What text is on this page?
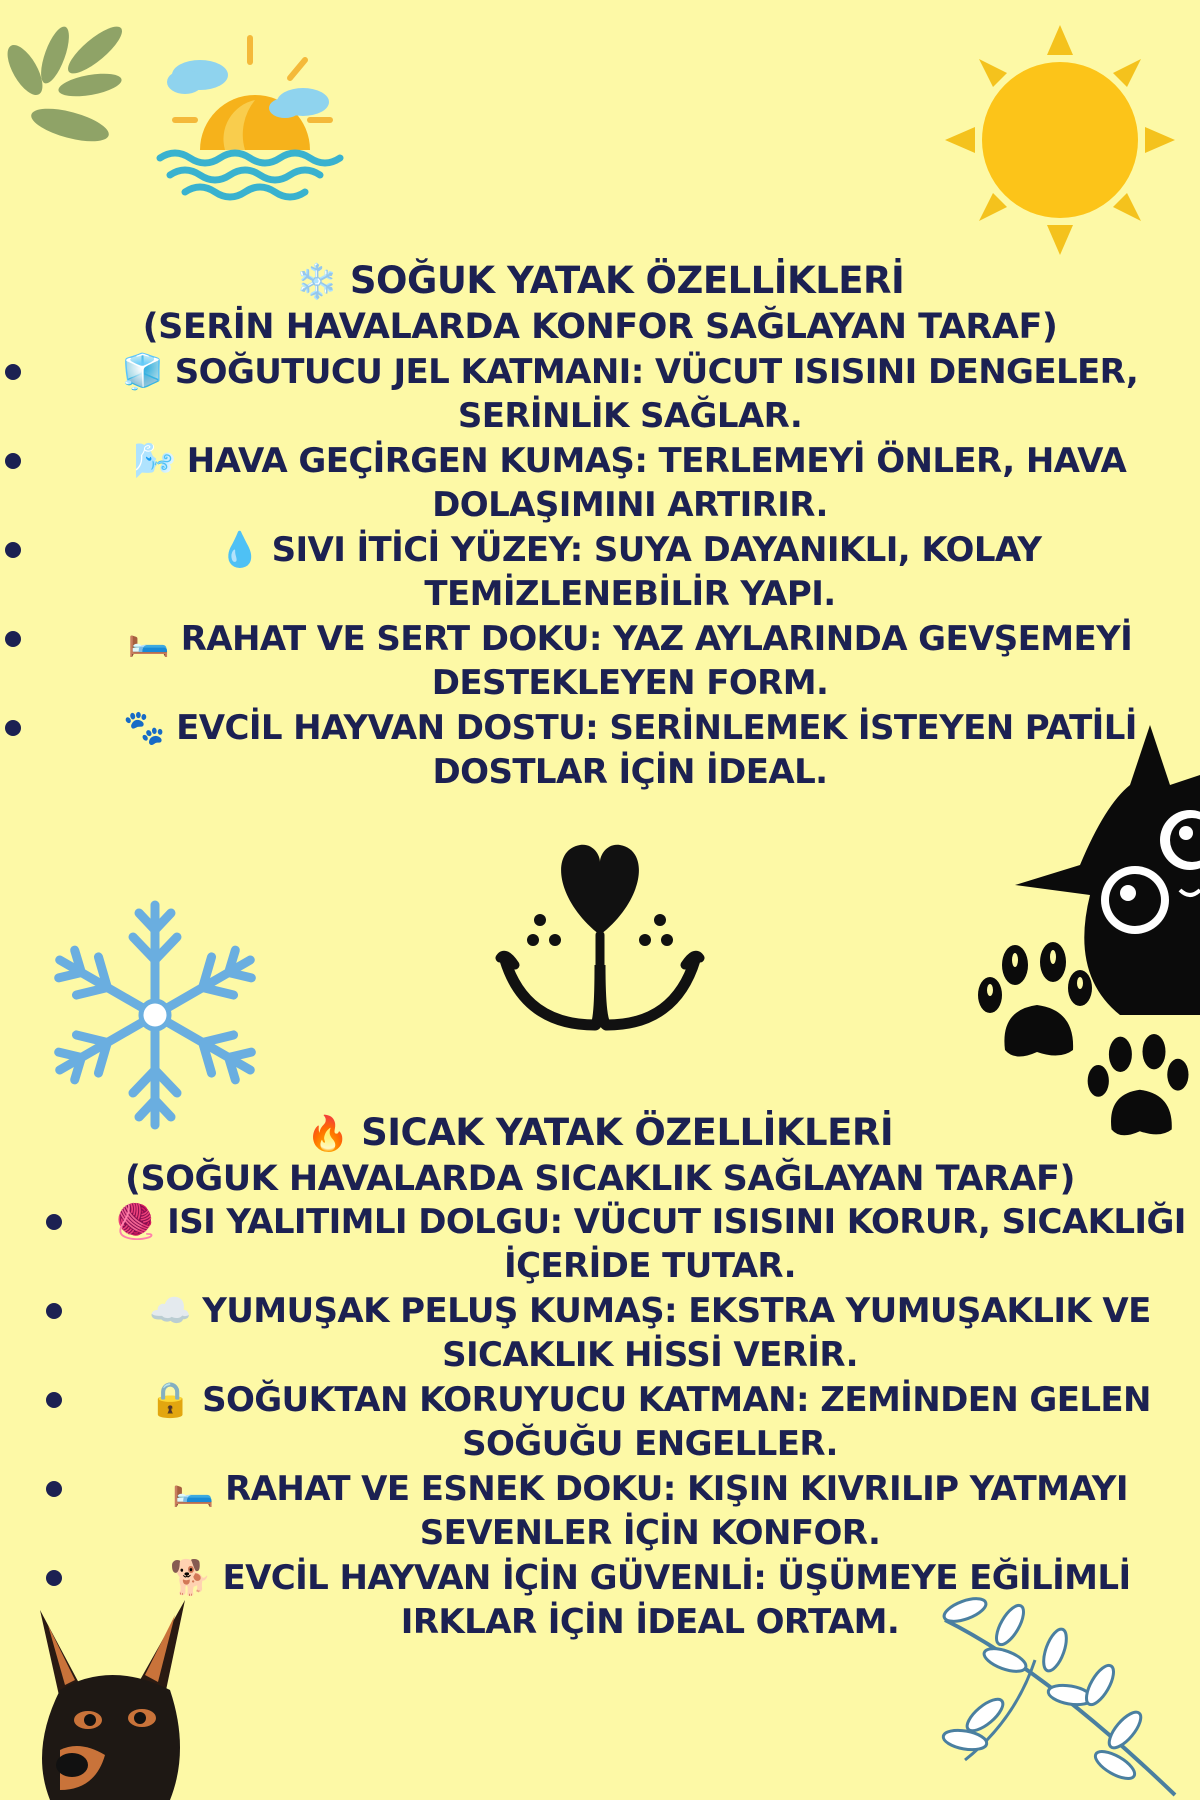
❄️ SOĞUK YATAK ÖZELLİKLERİ
(SERİN HAVALARDA KONFOR SAĞLAYAN TARAF)
🧊 SOĞUTUCU JEL KATMANI: VÜCUT ISISINI DENGELER, SERİNLİK SAĞLAR.
🌬️ HAVA GEÇİRGEN KUMAŞ: TERLEMEYİ ÖNLER, HAVA DOLAŞIMINI ARTIRIR.
💧 SIVI İTİCİ YÜZEY: SUYA DAYANIKLI, KOLAY TEMİZLENEBİLİR YAPI.
🛏️ RAHAT VE SERT DOKU: YAZ AYLARINDA GEVŞEMEYİ DESTEKLEYEN FORM.
🐾 EVCİL HAYVAN DOSTU: SERİNLEMEK İSTEYEN PATİLİ DOSTLAR İÇİN İDEAL.
🔥 SICAK YATAK ÖZELLİKLERİ
(SOĞUK HAVALARDA SICAKLIK SAĞLAYAN TARAF)
🧶 ISI YALITIMLI DOLGU: VÜCUT ISISINI KORUR, SICAKLIĞI İÇERİDE TUTAR.
☁️ YUMUŞAK PELUŞ KUMAŞ: EKSTRA YUMUŞAKLIK VE SICAKLIK HİSSİ VERİR.
🔒 SOĞUKTAN KORUYUCU KATMAN: ZEMİNDEN GELEN SOĞUĞU ENGELLER.
🛏️ RAHAT VE ESNEK DOKU: KIŞIN KIVRILIP YATMAYI SEVENLER İÇİN KONFOR.
🐕 EVCİL HAYVAN İÇİN GÜVENLİ: ÜŞÜMEYE EĞİLİMLİ IRKLAR İÇİN İDEAL ORTAM.
